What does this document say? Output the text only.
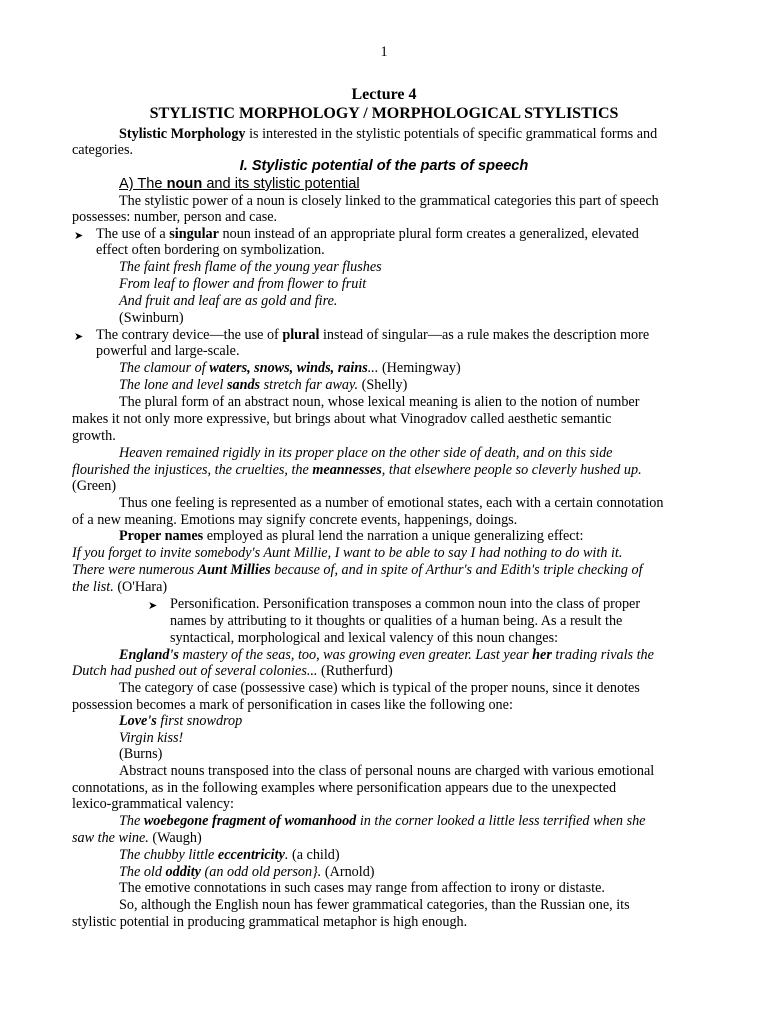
1
Lecture 4
STYLISTIC MORPHOLOGY / MORPHOLOGICAL STYLISTICS
Stylistic Morphology is interested in the stylistic potentials of specific grammatical forms and
categories.
I. Stylistic potential of the parts of speech
A) The noun and its stylistic potential
The stylistic power of a noun is closely linked to the grammatical categories this part of speech
possesses: number, person and case.
➤ The use of a singular noun instead of an appropriate plural form creates a generalized, elevated
effect often bordering on symbolization.
The faint fresh flame of the young year flushes
From leaf to flower and from flower to fruit
And fruit and leaf are as gold and fire.
(Swinburn)
➤ The contrary device—the use of plural instead of singular—as a rule makes the description more
powerful and large-scale.
The clamour of waters, snows, winds, rains... (Hemingway)
The lone and level sands stretch far away. (Shelly)
The plural form of an abstract noun, whose lexical meaning is alien to the notion of number
makes it not only more expressive, but brings about what Vinogradov called aesthetic semantic
growth.
Heaven remained rigidly in its proper place on the other side of death, and on this side
flourished the injustices, the cruelties, the meannesses, that elsewhere people so cleverly hushed up.
(Green)
Thus one feeling is represented as a number of emotional states, each with a certain connotation
of a new meaning. Emotions may signify concrete events, happenings, doings.
Proper names employed as plural lend the narration a unique generalizing effect:
If you forget to invite somebody's Aunt Millie, I want to be able to say I had nothing to do with it.
There were numerous Aunt Millies because of, and in spite of Arthur's and Edith's triple checking of
the list. (O'Hara)
➤ Personification. Personification transposes a common noun into the class of proper
names by attributing to it thoughts or qualities of a human being. As a result the
syntactical, morphological and lexical valency of this noun changes:
England's mastery of the seas, too, was growing even greater. Last year her trading rivals the
Dutch had pushed out of several colonies... (Rutherfurd)
The category of case (possessive case) which is typical of the proper nouns, since it denotes
possession becomes a mark of personification in cases like the following one:
Love's first snowdrop
Virgin kiss!
(Burns)
Abstract nouns transposed into the class of personal nouns are charged with various emotional
connotations, as in the following examples where personification appears due to the unexpected
lexico-grammatical valency:
The woebegone fragment of womanhood in the corner looked a little less terrified when she
saw the wine. (Waugh)
The chubby little eccentricity. (a child)
The old oddity (an odd old person}. (Arnold)
The emotive connotations in such cases may range from affection to irony or distaste.
So, although the English noun has fewer grammatical categories, than the Russian one, its
stylistic potential in producing grammatical metaphor is high enough.
